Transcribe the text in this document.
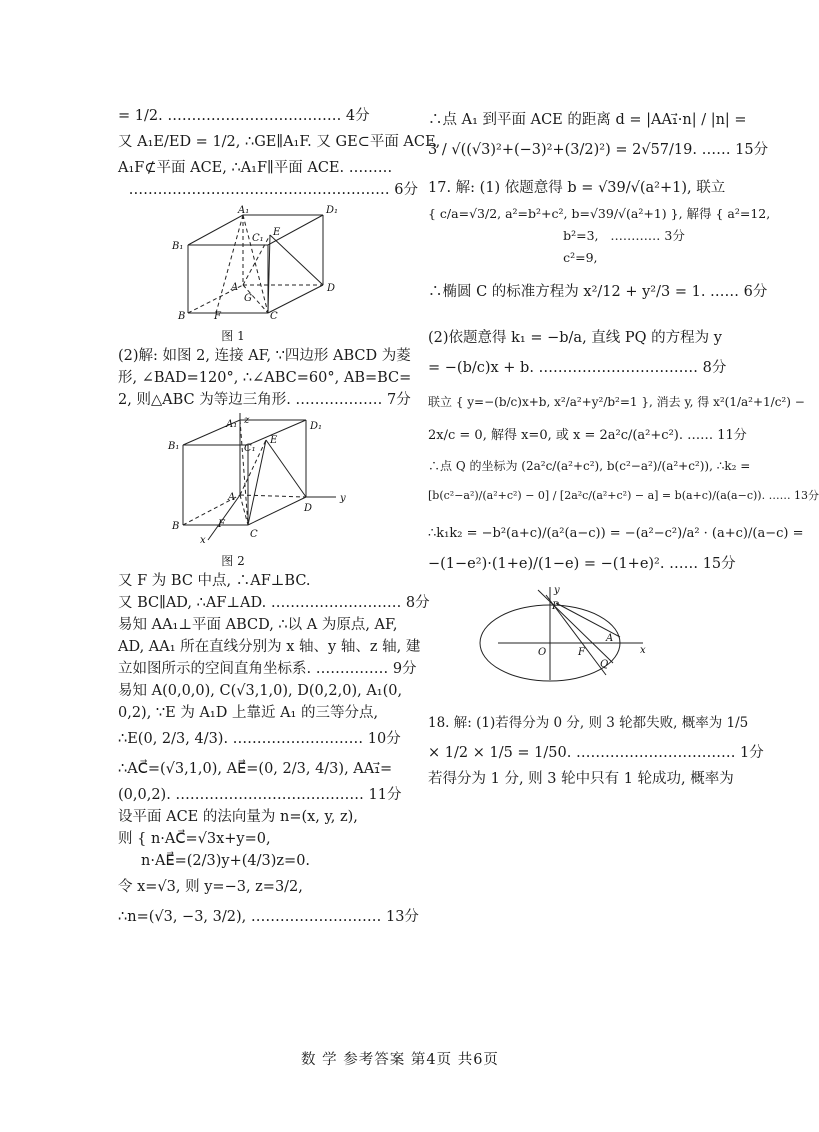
= 1/2. ……………………………… 4分
又 A₁E/ED = 1/2, ∴GE∥A₁F. 又 GE⊂平面 ACE,
A₁F⊄平面 ACE, ∴A₁F∥平面 ACE. ………
……………………………………………… 6分
A₁	D₁
B₁
C₁
E
A
G
D
B	F	C
图 1
(2)解: 如图 2, 连接 AF, ∵四边形 ABCD 为菱
形, ∠BAD=120°, ∴∠ABC=60°, AB=BC=
2, 则△ABC 为等边三角形. ……………… 7分
z
A₁	D₁
B₁	C₁
E
A
D
y
B	F
C
x
图 2
又 F 为 BC 中点, ∴AF⊥BC.
又 BC∥AD, ∴AF⊥AD. ……………………… 8分
易知 AA₁⊥平面 ABCD, ∴以 A 为原点, AF,
AD, AA₁ 所在直线分别为 x 轴、y 轴、z 轴, 建
立如图所示的空间直角坐标系. …………… 9分
易知 A(0,0,0), C(√3,1,0), D(0,2,0), A₁(0,
0,2), ∵E 为 A₁D 上靠近 A₁ 的三等分点,
∴E(0, 2/3, 4/3). ……………………… 10分
∴AC⃗=(√3,1,0), AE⃗=(0, 2/3, 4/3), AA₁⃗=
(0,0,2). ………………………………… 11分
设平面 ACE 的法向量为 n=(x, y, z),
则 { n·AC⃗=√3x+y=0,
n·AE⃗=(2/3)y+(4/3)z=0.
令 x=√3, 则 y=−3, z=3/2,
∴n=(√3, −3, 3/2), ……………………… 13分
∴点 A₁ 到平面 ACE 的距离 d = |AA₁⃗·n| / |n| =
3 / √((√3)²+(−3)²+(3/2)²) = 2√57/19. …… 15分
17. 解: (1) 依题意得 b = √39/√(a²+1), 联立
{ c/a=√3/2, a²=b²+c², b=√39/√(a²+1) }, 解得 { a²=12,
b²=3,   ………… 3分
c²=9,
∴椭圆 C 的标准方程为 x²/12 + y²/3 = 1. …… 6分
(2)依题意得 k₁ = −b/a, 直线 PQ 的方程为 y
= −(b/c)x + b. …………………………… 8分
联立 { y=−(b/c)x+b, x²/a²+y²/b²=1 }, 消去 y, 得 x²(1/a²+1/c²) −
2x/c = 0, 解得 x=0, 或 x = 2a²c/(a²+c²). …… 11分
∴点 Q 的坐标为 (2a²c/(a²+c²), b(c²−a²)/(a²+c²)), ∴k₂ =
[b(c²−a²)/(a²+c²) − 0] / [2a²c/(a²+c²) − a] = b(a+c)/(a(a−c)). …… 13分
∴k₁k₂ = −b²(a+c)/(a²(a−c)) = −(a²−c²)/a² · (a+c)/(a−c) =
−(1−e²)·(1+e)/(1−e) = −(1+e)². …… 15分
y
P
O	F
A
Q
x
18. 解: (1)若得分为 0 分, 则 3 轮都失败, 概率为 1/5
× 1/2 × 1/5 = 1/50. …………………………… 1分
若得分为 1 分, 则 3 轮中只有 1 轮成功, 概率为
数 学 参考答案 第4页 共6页
